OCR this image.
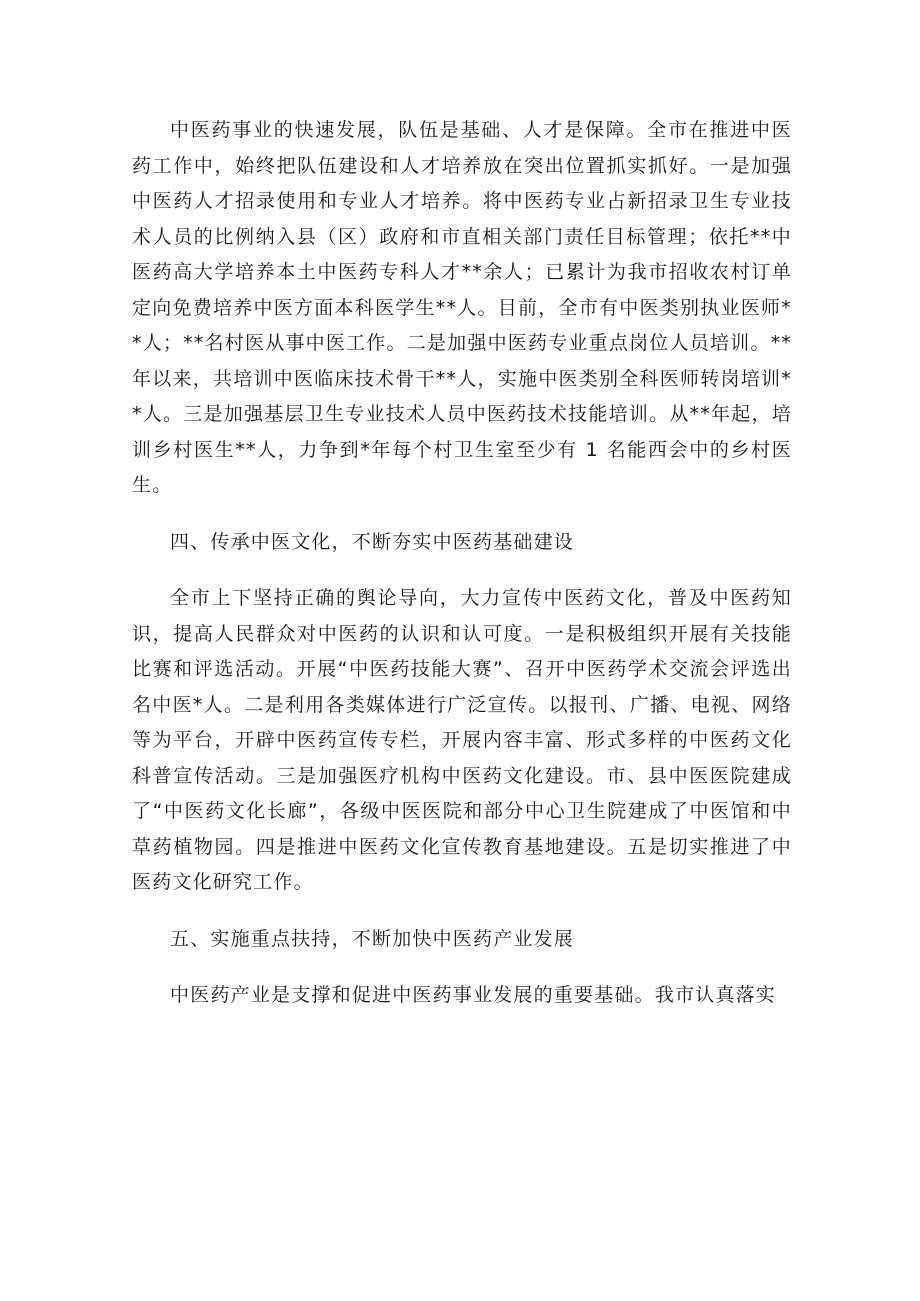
中医药事业的快速发展，队伍是基础、人才是保障。全市在推进中医药工作中，始终把队伍建设和人才培养放在突出位置抓实抓好。一是加强中医药人才招录使用和专业人才培养。将中医药专业占新招录卫生专业技术人员的比例纳入县（区）政府和市直相关部门责任目标管理；依托**中医药高大学培养本土中医药专科人才**余人；已累计为我市招收农村订单定向免费培养中医方面本科医学生**人。目前，全市有中医类别执业医师**人；**名村医从事中医工作。二是加强中医药专业重点岗位人员培训。**年以来，共培训中医临床技术骨干**人，实施中医类别全科医师转岗培训**人。三是加强基层卫生专业技术人员中医药技术技能培训。从**年起，培训乡村医生**人，力争到*年每个村卫生室至少有 1 名能西会中的乡村医生。

四、传承中医文化，不断夯实中医药基础建设

全市上下坚持正确的舆论导向，大力宣传中医药文化，普及中医药知识，提高人民群众对中医药的认识和认可度。一是积极组织开展有关技能比赛和评选活动。开展“中医药技能大赛”、召开中医药学术交流会评选出名中医*人。二是利用各类媒体进行广泛宣传。以报刊、广播、电视、网络等为平台，开辟中医药宣传专栏，开展内容丰富、形式多样的中医药文化科普宣传活动。三是加强医疗机构中医药文化建设。市、县中医医院建成了“中医药文化长廊”，各级中医医院和部分中心卫生院建成了中医馆和中草药植物园。四是推进中医药文化宣传教育基地建设。五是切实推进了中医药文化研究工作。

五、实施重点扶持，不断加快中医药产业发展

中医药产业是支撑和促进中医药事业发展的重要基础。我市认真落实
